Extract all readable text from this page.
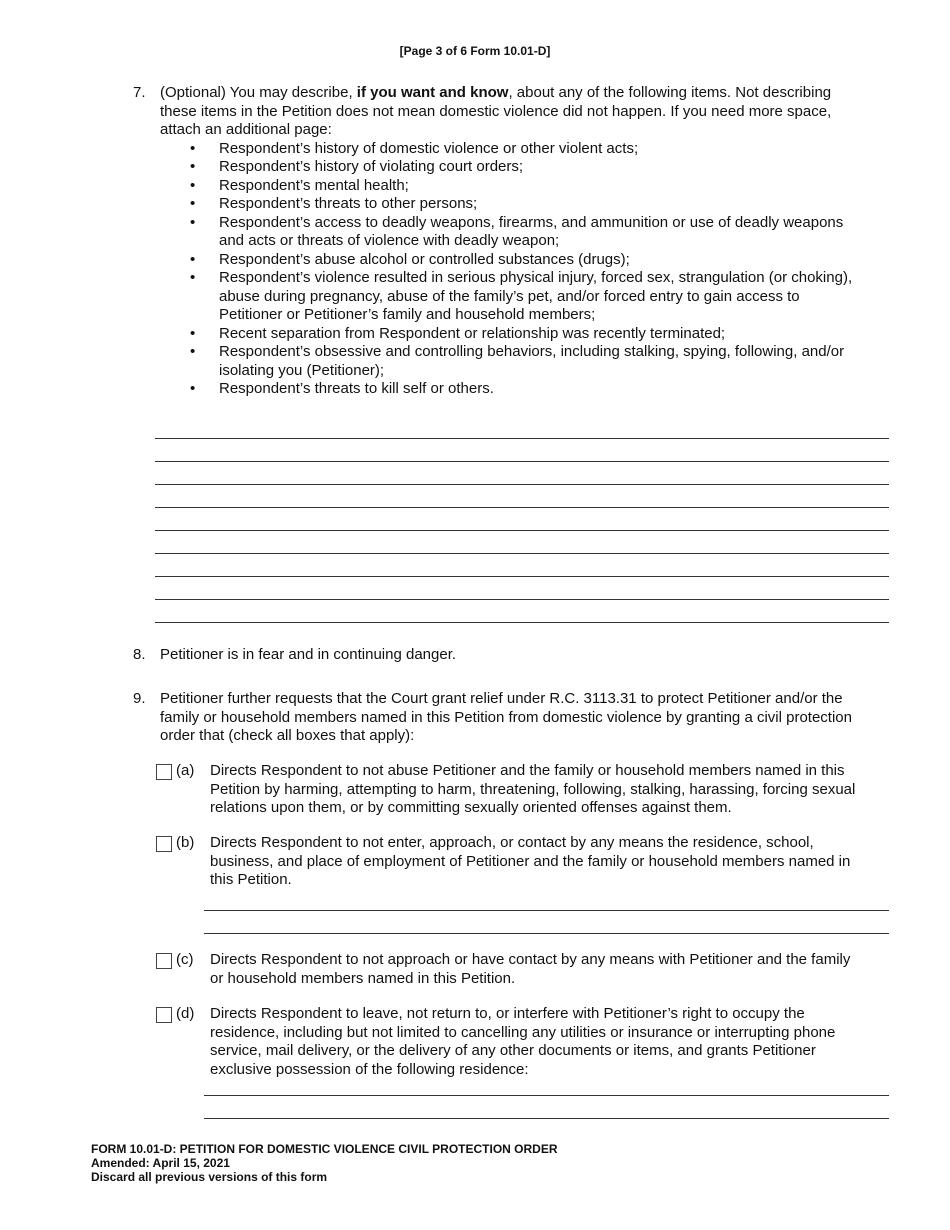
[Page 3 of 6 Form 10.01-D]
7. (Optional) You may describe, if you want and know, about any of the following items. Not describing
these items in the Petition does not mean domestic violence did not happen. If you need more space,
attach an additional page:
• Respondent’s history of domestic violence or other violent acts;
• Respondent’s history of violating court orders;
• Respondent’s mental health;
• Respondent’s threats to other persons;
• Respondent’s access to deadly weapons, firearms, and ammunition or use of deadly weapons
and acts or threats of violence with deadly weapon;
• Respondent’s abuse alcohol or controlled substances (drugs);
• Respondent’s violence resulted in serious physical injury, forced sex, strangulation (or choking),
abuse during pregnancy, abuse of the family’s pet, and/or forced entry to gain access to
Petitioner or Petitioner’s family and household members;
• Recent separation from Respondent or relationship was recently terminated;
• Respondent’s obsessive and controlling behaviors, including stalking, spying, following, and/or
isolating you (Petitioner);
• Respondent’s threats to kill self or others.
8. Petitioner is in fear and in continuing danger.
9. Petitioner further requests that the Court grant relief under R.C. 3113.31 to protect Petitioner and/or the
family or household members named in this Petition from domestic violence by granting a civil protection
order that (check all boxes that apply):
(a) Directs Respondent to not abuse Petitioner and the family or household members named in this
Petition by harming, attempting to harm, threatening, following, stalking, harassing, forcing sexual
relations upon them, or by committing sexually oriented offenses against them.
(b) Directs Respondent to not enter, approach, or contact by any means the residence, school,
business, and place of employment of Petitioner and the family or household members named in
this Petition.
(c) Directs Respondent to not approach or have contact by any means with Petitioner and the family
or household members named in this Petition.
(d) Directs Respondent to leave, not return to, or interfere with Petitioner’s right to occupy the
residence, including but not limited to cancelling any utilities or insurance or interrupting phone
service, mail delivery, or the delivery of any other documents or items, and grants Petitioner
exclusive possession of the following residence:
FORM 10.01-D: PETITION FOR DOMESTIC VIOLENCE CIVIL PROTECTION ORDER
Amended: April 15, 2021
Discard all previous versions of this form
